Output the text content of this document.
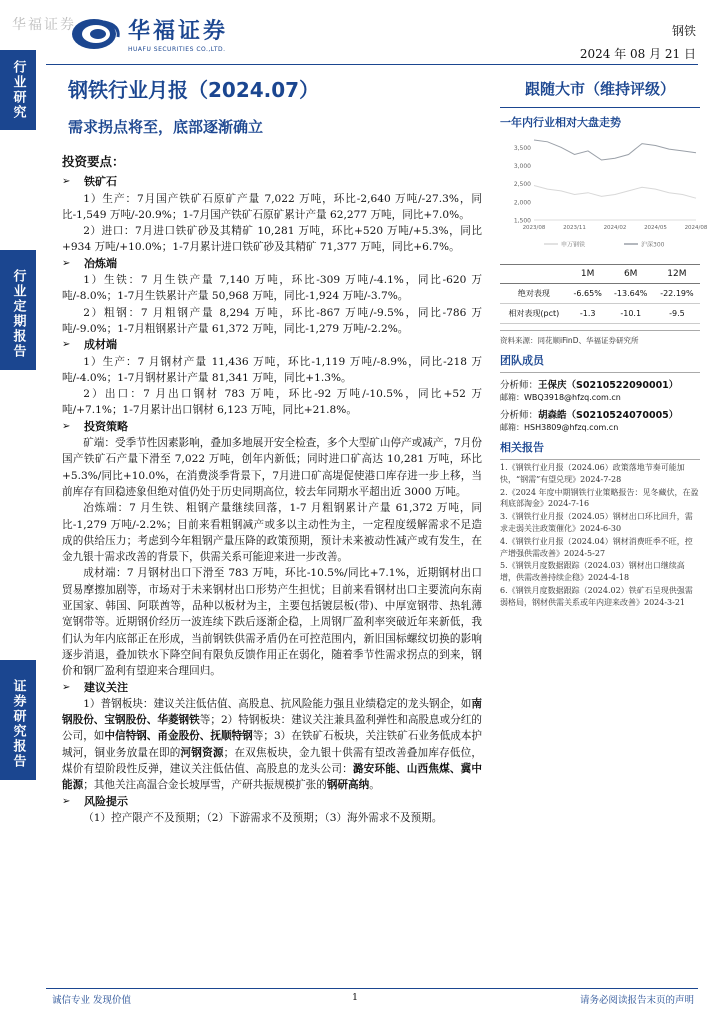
华福证券
行业研究
行业定期报告
证券研究报告
华福证券
HUAFU SECURITIES CO.,LTD.
钢铁
2024 年 08 月 21 日
钢铁行业月报（2024.07）
需求拐点将至，底部逐渐确立
投资要点：
➢	铁矿石

1）生产：7月国产铁矿石原矿产量 7,022 万吨，环比-2,640 万吨/-27.3%，同比-1,549 万吨/-20.9%；1-7月国产铁矿石原矿累计产量 62,277 万吨，同比+7.0%。

2）进口：7月进口铁矿砂及其精矿 10,281 万吨，环比+520 万吨/+5.3%，同比+934 万吨/+10.0%；1-7月累计进口铁矿砂及其精矿 71,377 万吨，同比+6.7%。

➢	冶炼端

1）生铁：7 月生铁产量 7,140 万吨，环比-309 万吨/-4.1%，同比-620 万吨/-8.0%；1-7月生铁累计产量 50,968 万吨，同比-1,924 万吨/-3.7%。

2）粗钢：7 月粗钢产量 8,294 万吨，环比-867 万吨/-9.5%，同比-786 万吨/-9.0%；1-7月粗钢累计产量 61,372 万吨，同比-1,279 万吨/-2.2%。

➢	成材端

1）生产：7 月钢材产量 11,436 万吨，环比-1,119 万吨/-8.9%，同比-218 万吨/-4.0%；1-7月钢材累计产量 81,341 万吨，同比+1.3%。

2）出口：7 月出口钢材 783 万吨，环比-92 万吨/-10.5%，同比+52 万吨/+7.1%；1-7月累计出口钢材 6,123 万吨，同比+21.8%。

➢	投资策略

矿端：受季节性因素影响，叠加多地展开安全检查，多个大型矿山停产或减产，7月份国产铁矿石产量下滑至 7,022 万吨，创年内新低；同时进口矿高达 10,281 万吨，环比+5.3%/同比+10.0%，在消费淡季背景下，7月进口矿高堤促使港口库存进一步上移，当前库存有回稳迹象但绝对值仍处于历史同期高位，较去年同期水平超出近 3000 万吨。

冶炼端：7 月生铁、粗钢产量继续回落，1-7 月粗钢累计产量 61,372 万吨，同比-1,279 万吨/-2.2%；目前来看粗钢减产或多以主动性为主，一定程度缓解需求不足造成的供给压力；考虑到今年粗钢产量压降的政策预期，预计未来被动性减产或有发生，在金九银十需求改善的背景下，供需关系可能迎来进一步改善。

成材端：7 月钢材出口下滑至 783 万吨，环比-10.5%/同比+7.1%，近期钢材出口贸易摩擦加剧等，市场对于未来钢材出口形势产生担忧；目前来看钢材出口主要流向东南亚国家、韩国、阿联酋等，品种以板材为主，主要包括镀层板(带)、中厚宽钢带、热轧薄宽钢带等。近期钢价经历一波连续下跌后逐渐企稳，上周钢厂盈利率突破近年来新低，我们认为年内底部正在形成，当前钢铁供需矛盾仍在可控范围内，新旧国标螺纹切换的影响逐步消退，叠加铁水下降空间有限负反馈作用正在弱化，随着季节性需求拐点的到来，钢价和钢厂盈利有望迎来合理回归。

➢	建议关注

1）普钢板块：建议关注低估值、高股息、抗风险能力强且业绩稳定的龙头钢企，如南钢股份、宝钢股份、华菱钢铁等；2）特钢板块：建议关注兼具盈利弹性和高股息或分红的公司，如中信特钢、甬金股份、抚顺特钢等；3）在铁矿石板块，关注铁矿石业务低成本护城河，铜业务放量在即的河钢资源；在双焦板块，金九银十供需有望改善叠加库存低位，煤价有望阶段性反弹，建议关注低估值、高股息的龙头公司：潞安环能、山西焦煤、冀中能源；其他关注高温合金长坡厚雪，产研共振规模扩张的钢研高纳。

➢	风险提示

（1）控产限产不及预期；（2）下游需求不及预期；（3）海外需求不及预期。

跟随大市（维持评级）
一年内行业相对大盘走势
1,500
2,000
2,500
3,000
3,500
2023/08	2023/11	2024/02	2024/05	2024/08
申万钢铁	沪深300
	1M	6M	12M
绝对表现	-6.65%	-13.64%	-22.19%
相对表现(pct)	-1.3	-10.1	-9.5
资料来源：同花顺iFinD、华福证券研究所
团队成员
分析师：王保庆（S0210522090001）
邮箱：WBQ3918@hfzq.com.cn
分析师：胡森皓（S0210524070005）
邮箱：HSH3809@hfzq.com.cn
相关报告
1.《钢铁行业月报（2024.06）政策落地节奏可能加快，“钢需”有望兑现》2024-7-28
2.《2024 年度中期钢铁行业策略报告：见冬藏伏，在盈利底部淘金》2024-7-16
3.《钢铁行业月报（2024.05）钢材出口环比回升，需求走弱关注政策催化》2024-6-30
4.《钢铁行业月报（2024.04）钢材消费旺季不旺，控产增强供需改善》2024-5-27
5.《钢铁月度数据跟踪（2024.03）钢材出口继续高增，供需改善持续企稳》2024-4-18
6.《钢铁月度数据跟踪（2024.02）铁矿石呈现供强需弱格局，钢材供需关系或年内迎来改善》2024-3-21
诚信专业 发现价值	1	请务必阅读报告末页的声明
